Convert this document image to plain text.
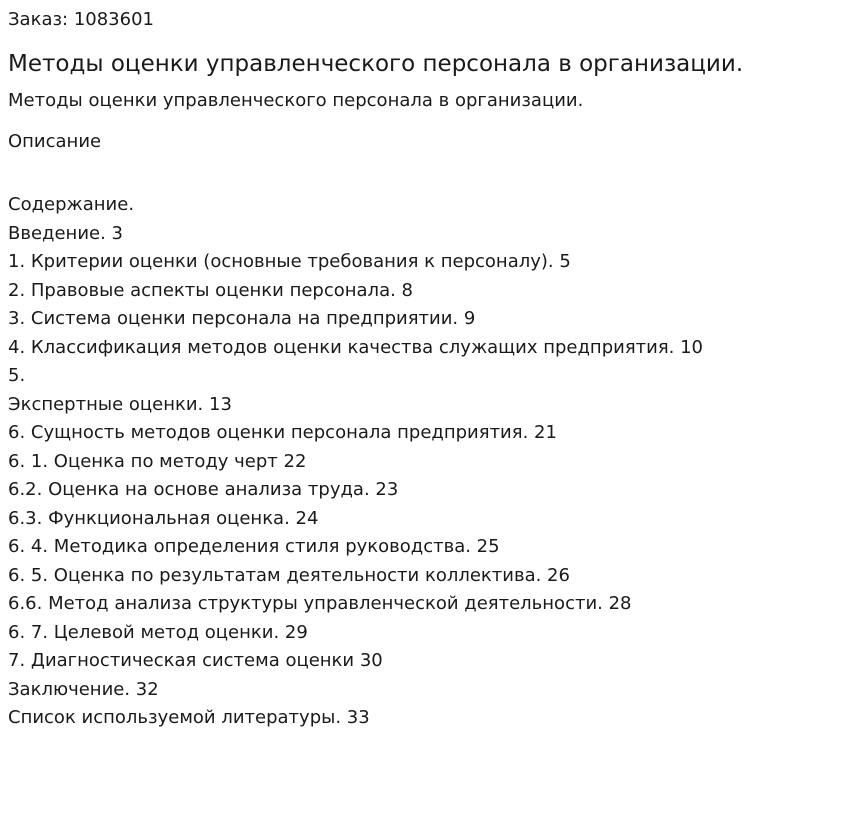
Заказ: 1083601
Методы оценки управленческого персонала в организации.
Методы оценки управленческого персонала в организации.
Описание
Содержание.
Введение. 3
1. Критерии оценки (основные требования к персоналу). 5
2. Правовые аспекты оценки персонала. 8
3. Система оценки персонала на предприятии. 9
4. Классификация методов оценки качества служащих предприятия. 10
5.
Экспертные оценки. 13
6. Сущность методов оценки персонала предприятия. 21
6. 1. Оценка по методу черт 22
6.2. Оценка на основе анализа труда. 23
6.3. Функциональная оценка. 24
6. 4. Методика определения стиля руководства. 25
6. 5. Оценка по результатам деятельности коллектива. 26
6.6. Метод анализа структуры управленческой деятельности. 28
6. 7. Целевой метод оценки. 29
7. Диагностическая система оценки 30
Заключение. 32
Список используемой литературы. 33
